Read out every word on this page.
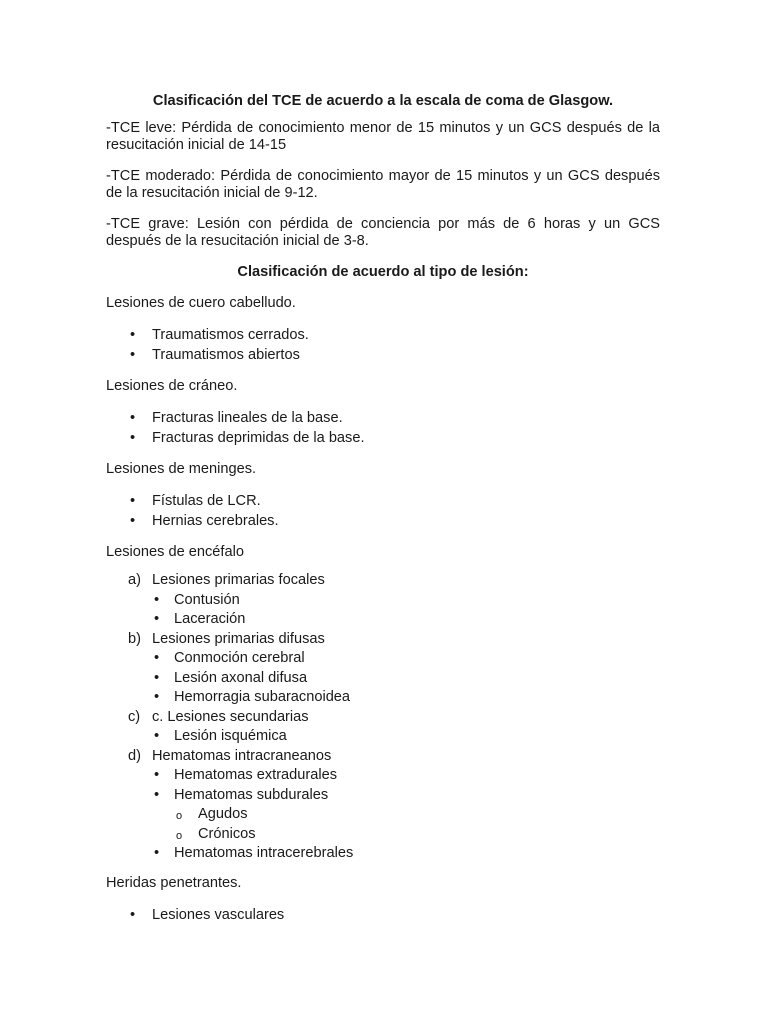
Clasificación del TCE de acuerdo a la escala de coma de Glasgow.

-TCE leve: Pérdida de conocimiento menor de 15 minutos y un GCS después de la resucitación inicial de 14-15

-TCE moderado: Pérdida de conocimiento mayor de 15 minutos y un GCS después de la resucitación inicial de 9-12.

-TCE grave: Lesión con pérdida de conciencia por más de 6 horas y un GCS después de la resucitación inicial de 3-8.

Clasificación de acuerdo al tipo de lesión:

Lesiones de cuero cabelludo.

• Traumatismos cerrados.
• Traumatismos abiertos

Lesiones de cráneo.

• Fracturas lineales de la base.
• Fracturas deprimidas de la base.

Lesiones de meninges.

• Fístulas de LCR.
• Hernias cerebrales.

Lesiones de encéfalo

a) Lesiones primarias focales
• Contusión
• Laceración
b) Lesiones primarias difusas
• Conmoción cerebral
• Lesión axonal difusa
• Hemorragia subaracnoidea
c) c. Lesiones secundarias
• Lesión isquémica
d) Hematomas intracraneanos
• Hematomas extradurales
• Hematomas subdurales
o Agudos
o Crónicos
• Hematomas intracerebrales

Heridas penetrantes.

• Lesiones vasculares
